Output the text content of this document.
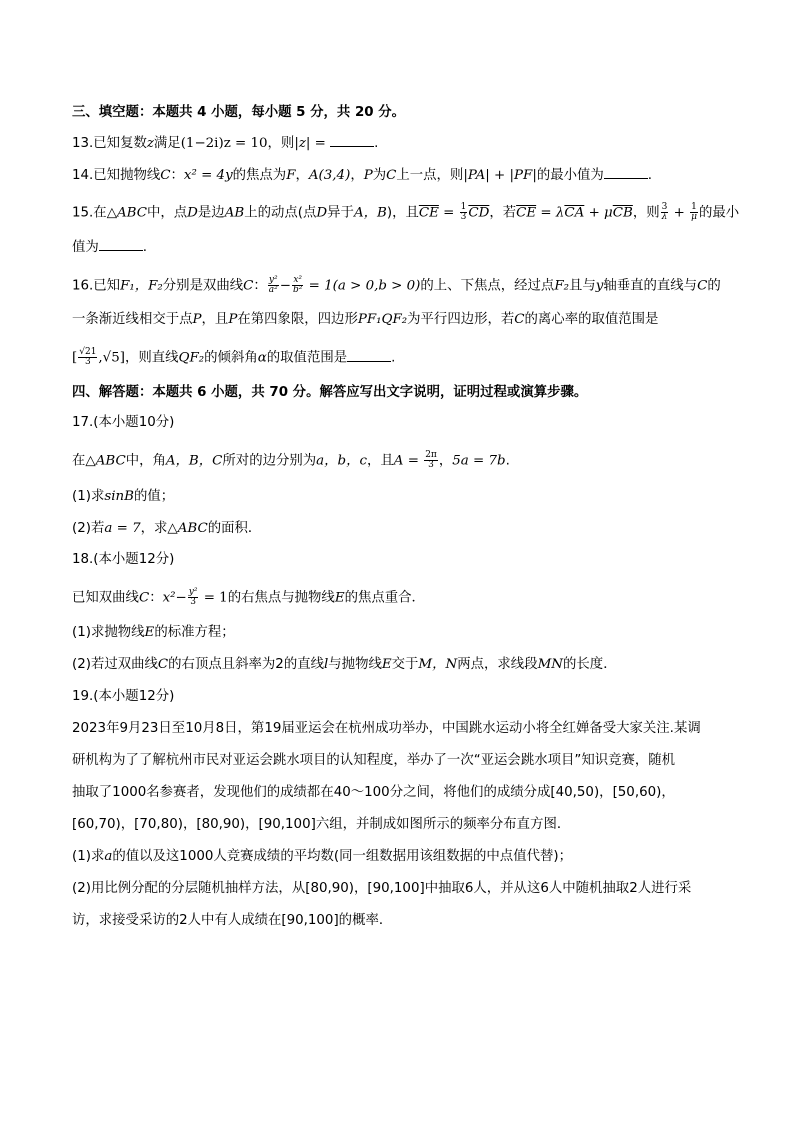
三、填空题：本题共 4 小题，每小题 5 分，共 20 分。
13.已知复数z满足(1−2i)z = 10，则|z| =	.
14.已知抛物线C：x² = 4y的焦点为F，A(3,4)，P为C上一点，则|PA| + |PF|的最小值为	.
15.在△ABC中，点D是边AB上的动点(点D异于A，B)，且$\overline{CE} = \frac{1}{3} \overline{CD}$，若$\overline{CE} = \lambda\overline{CA} + \mu\overline{CB}$，则 $\frac{3}{\lambda} + \frac{1}{\mu}$ 的最小
值为	.
16.已知F₁，F₂分别是双曲线C： $\frac{\text{y²}}{\text{a²}} - \frac{\text{x²}}{\text{b²}} = 1(a > 0,b > 0)$的上、下焦点，经过点F₂且与y轴垂直的直线与C的
一条渐近线相交于点P，且P在第四象限，四边形PF₁QF₂为平行四边形，若C的离心率的取值范围是
[ $\frac{√21}{3} ,√5$]，则直线QF₂的倾斜角α的取值范围是	.
四、解答题：本题共 6 小题，共 70 分。解答应写出文字说明，证明过程或演算步骤。
17.(本小题10分)
在△ABC中，角A，B，C所对的边分别为a，b，c，且$A = \frac{2\pi}{3}$ ，5a = 7b.
(1)求sinB的值；
(2)若a = 7，求△ABC的面积．
18.(本小题12分)
已知双曲线C：$x^2- \frac{\text{y²}}{3} = 1$的右焦点与抛物线E的焦点重合．
(1)求抛物线E的标准方程；
(2)若过双曲线C的右顶点且斜率为2的直线l与抛物线E交于M，N两点，求线段MN的长度．
19.(本小题12分)
2023年9月23日至10月8日，第19届亚运会在杭州成功举办，中国跳水运动小将全红婵备受大家关注.某调
研机构为了了解杭州市民对亚运会跳水项目的认知程度，举办了一次“亚运会跳水项目”知识竞赛，随机
抽取了1000名参赛者，发现他们的成绩都在40～100分之间，将他们的成绩分成[40,50)，[50,60)，
[60,70)，[70,80)，[80,90)，[90,100]六组，并制成如图所示的频率分布直方图．
(1)求a的值以及这1000人竞赛成绩的平均数(同一组数据用该组数据的中点值代替)；
(2)用比例分配的分层随机抽样方法，从[80,90)，[90,100]中抽取6人，并从这6人中随机抽取2人进行采
访，求接受采访的2人中有人成绩在[90,100]的概率．
